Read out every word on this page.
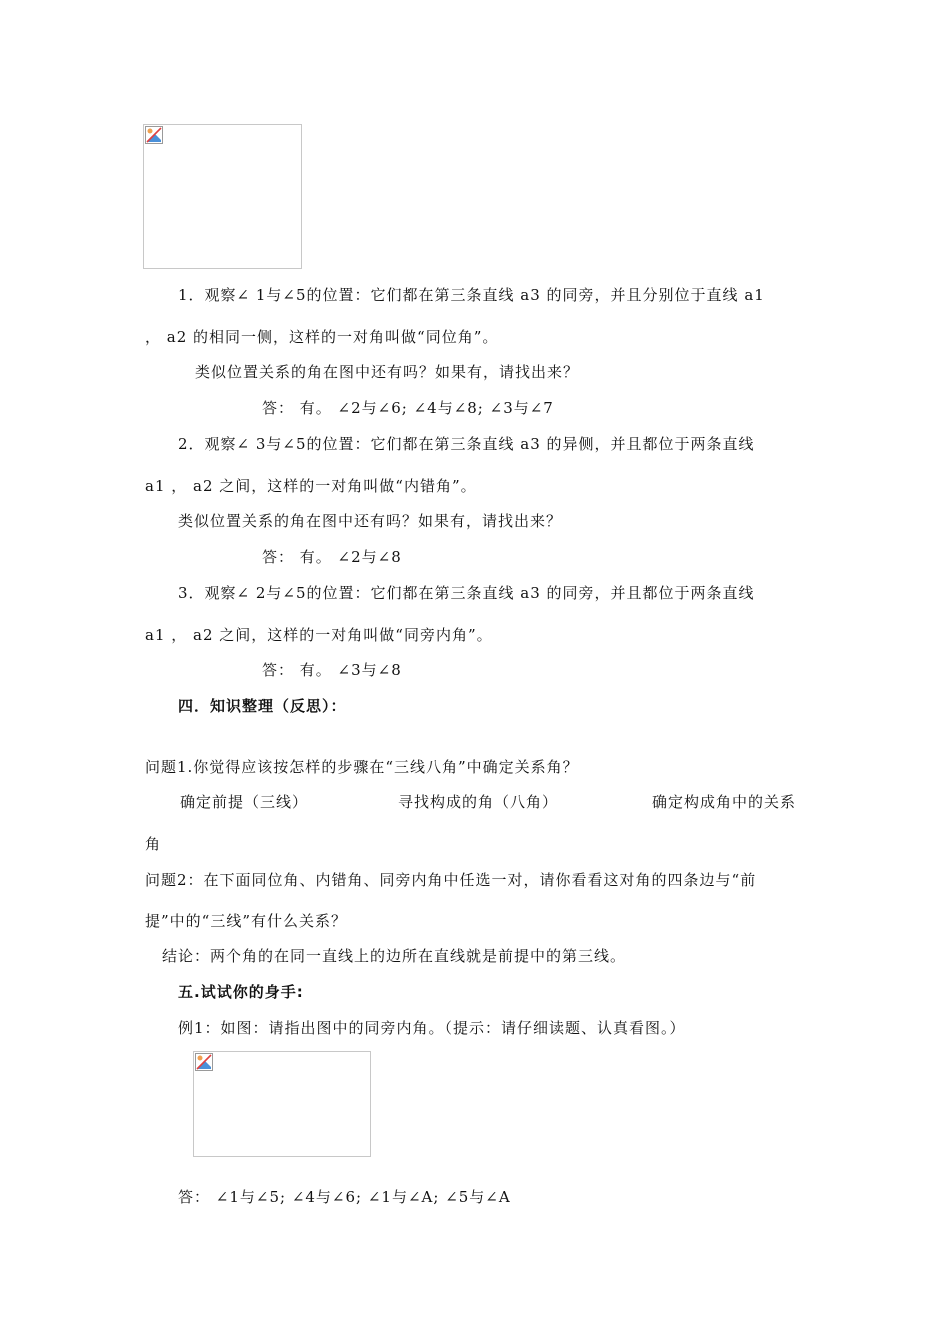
1．观察∠ 1与∠5的位置：它们都在第三条直线 a3 的同旁，并且分别位于直线 a1
， a2 的相同一侧，这样的一对角叫做“同位角”。
类似位置关系的角在图中还有吗？如果有，请找出来？
答： 有。 ∠2与∠6; ∠4与∠8; ∠3与∠7
2．观察∠ 3与∠5的位置：它们都在第三条直线 a3 的异侧，并且都位于两条直线
a1 ， a2 之间，这样的一对角叫做“内错角”。
类似位置关系的角在图中还有吗？如果有，请找出来？
答： 有。 ∠2与∠8
3．观察∠ 2与∠5的位置：它们都在第三条直线 a3 的同旁，并且都位于两条直线
a1 ， a2 之间，这样的一对角叫做“同旁内角”。
答： 有。 ∠3与∠8
四．知识整理（反思）：
问题1.你觉得应该按怎样的步骤在“三线八角”中确定关系角？
确定前提（三线）	寻找构成的角（八角）	确定构成角中的关系
角
问题2：在下面同位角、内错角、同旁内角中任选一对，请你看看这对角的四条边与“前
提”中的“三线”有什么关系？
结论：两个角的在同一直线上的边所在直线就是前提中的第三线。
五.试试你的身手:
例1：如图：请指出图中的同旁内角。（提示：请仔细读题、认真看图。）
答： ∠1与∠5; ∠4与∠6; ∠1与∠A; ∠5与∠A
